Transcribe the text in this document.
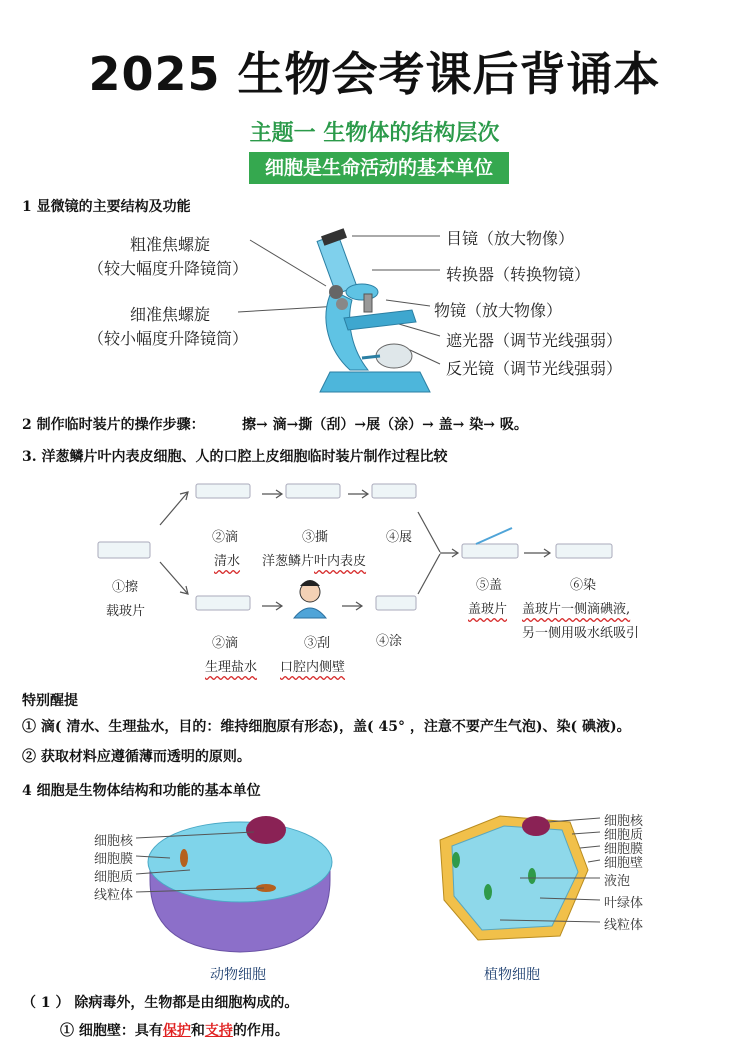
2025 生物会考课后背诵本
主题一 生物体的结构层次
细胞是生命活动的基本单位
1 显微镜的主要结构及功能
粗准焦螺旋
（较大幅度升降镜筒）
细准焦螺旋
（较小幅度升降镜筒）
目镜（放大物像）
转换器（转换物镜）
物镜（放大物像）
遮光器（调节光线强弱）
反光镜（调节光线强弱）
2 制作临时装片的操作步骤：	擦→ 滴→撕（刮）→展（涂）→ 盖→ 染→ 吸。
3. 洋葱鳞片叶内表皮细胞、人的口腔上皮细胞临时装片制作过程比较
①擦
载玻片
②滴
清水
③撕
洋葱鳞片叶内表皮
④展
②滴
生理盐水
③刮
口腔内侧壁
④涂
⑤盖
盖玻片
⑥染
盖玻片一侧滴碘液,
另一侧用吸水纸吸引
特别醒提
① 滴( 清水、生理盐水，目的：维持细胞原有形态)，盖( 45° ，注意不要产生气泡)、染( 碘液)。
② 获取材料应遵循薄而透明的原则。
4 细胞是生物体结构和功能的基本单位
细胞核
细胞膜
细胞质
线粒体
动物细胞
细胞核
细胞质
细胞膜
细胞壁
液泡
叶绿体
线粒体
植物细胞
（ 1 ） 除病毒外，生物都是由细胞构成的。
① 细胞壁：具有保护和支持的作用。
